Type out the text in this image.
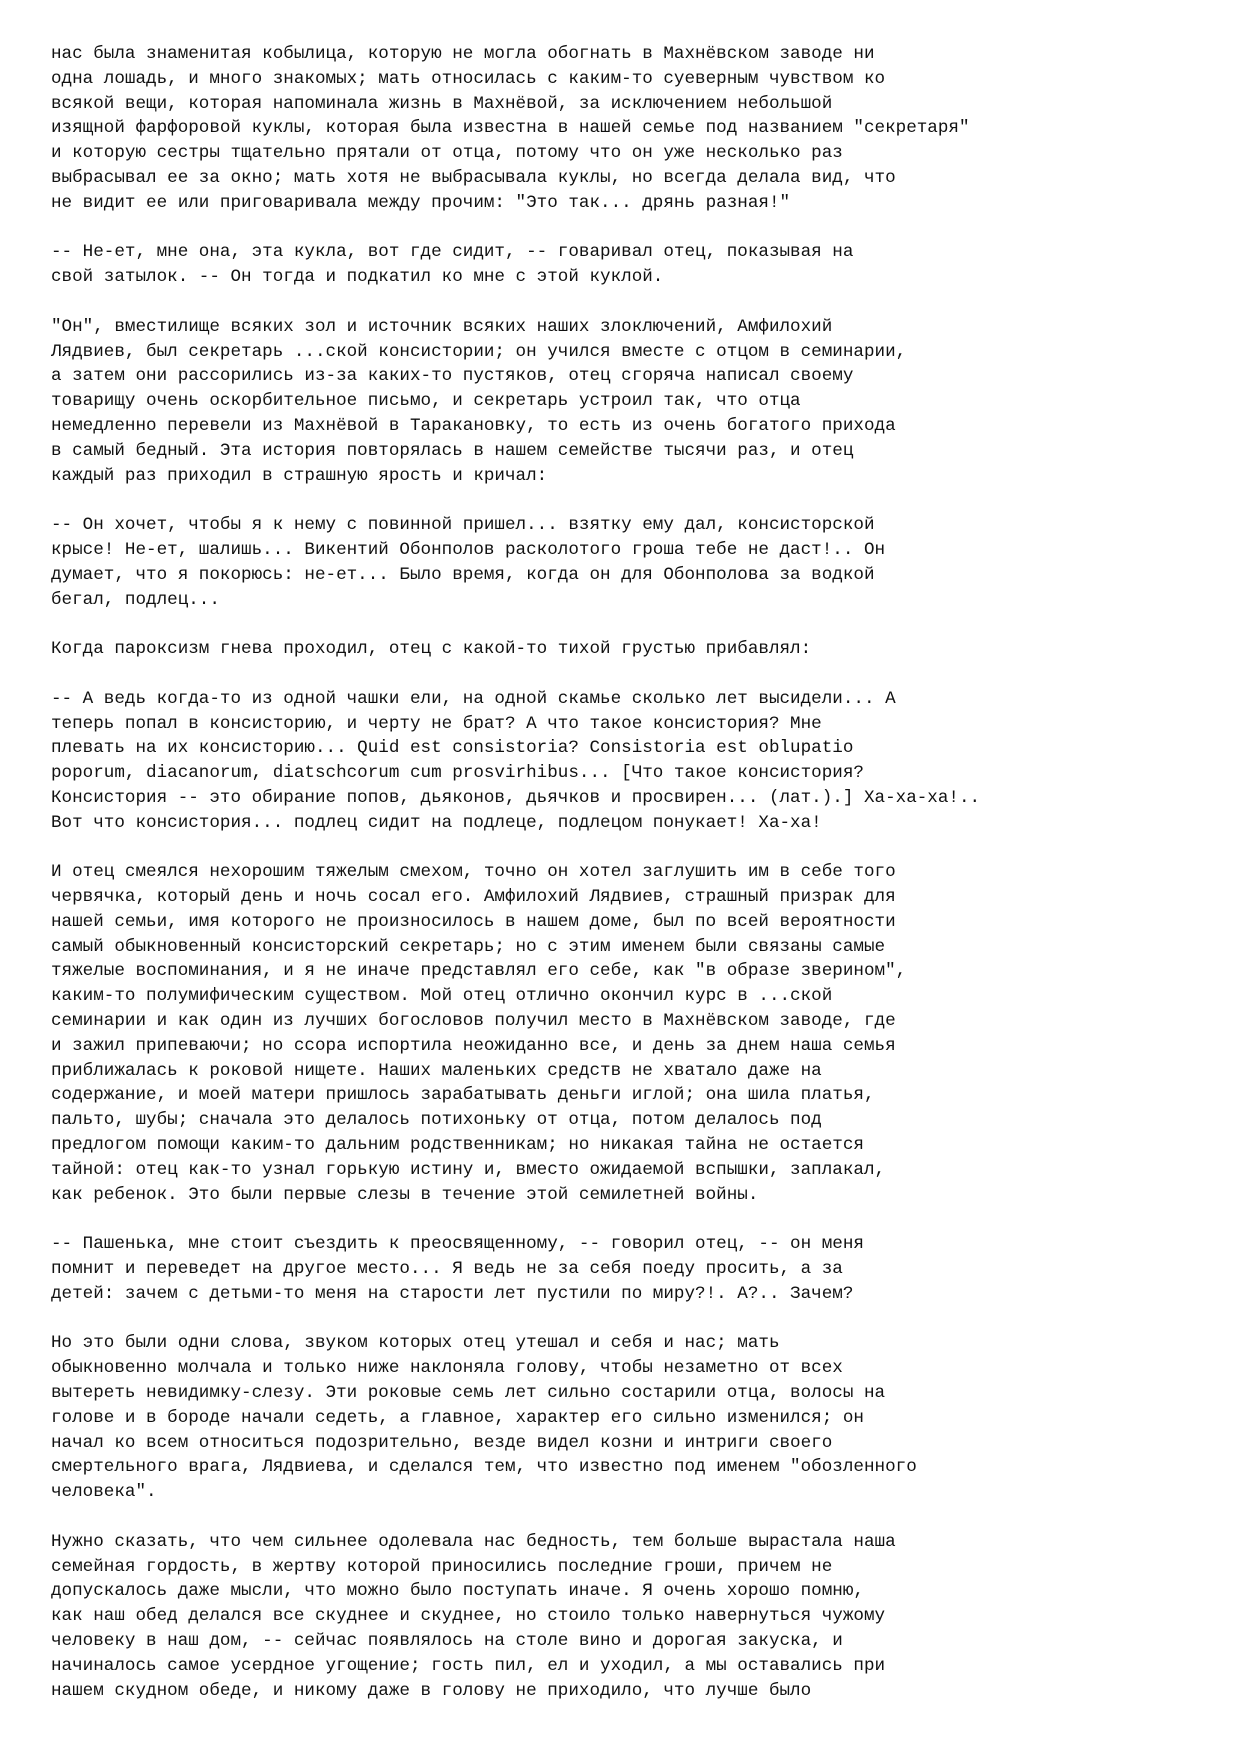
нас была знаменитая кобылица, которую не могла обогнать в Махнёвском заводе ни
одна лошадь, и много знакомых; мать относилась с каким-то суеверным чувством ко
всякой вещи, которая напоминала жизнь в Махнёвой, за исключением небольшой
изящной фарфоровой куклы, которая была известна в нашей семье под названием "секретаря"
и которую сестры тщательно прятали от отца, потому что он уже несколько раз
выбрасывал ее за окно; мать хотя не выбрасывала куклы, но всегда делала вид, что
не видит ее или приговаривала между прочим: "Это так... дрянь разная!"

-- Не-ет, мне она, эта кукла, вот где сидит, -- говаривал отец, показывая на
свой затылок. -- Он тогда и подкатил ко мне с этой куклой.

"Он", вместилище всяких зол и источник всяких наших злоключений, Амфилохий
Лядвиев, был секретарь ...ской консистории; он учился вместе с отцом в семинарии,
а затем они рассорились из-за каких-то пустяков, отец сгоряча написал своему
товарищу очень оскорбительное письмо, и секретарь устроил так, что отца
немедленно перевели из Махнёвой в Таракановку, то есть из очень богатого прихода
в самый бедный. Эта история повторялась в нашем семействе тысячи раз, и отец
каждый раз приходил в страшную ярость и кричал:

-- Он хочет, чтобы я к нему с повинной пришел... взятку ему дал, консисторской
крысе! Не-ет, шалишь... Викентий Обонполов расколотого гроша тебе не даст!.. Он
думает, что я покорюсь: не-ет... Было время, когда он для Обонполова за водкой
бегал, подлец...

Когда пароксизм гнева проходил, отец с какой-то тихой грустью прибавлял:

-- А ведь когда-то из одной чашки ели, на одной скамье сколько лет высидели... А
теперь попал в консисторию, и черту не брат? А что такое консистория? Мне
плевать на их консисторию... Quid est consistoria? Consistoria est oblupatio
poporum, diacanorum, diatschcorum cum prosvirhibus... [Что такое консистория?
Консистория -- это обирание попов, дьяконов, дьячков и просвирен... (лат.).] Ха-ха-ха!..
Вот что консистория... подлец сидит на подлеце, подлецом понукает! Ха-ха!

И отец смеялся нехорошим тяжелым смехом, точно он хотел заглушить им в себе того
червячка, который день и ночь сосал его. Амфилохий Лядвиев, страшный призрак для
нашей семьи, имя которого не произносилось в нашем доме, был по всей вероятности
самый обыкновенный консисторский секретарь; но с этим именем были связаны самые
тяжелые воспоминания, и я не иначе представлял его себе, как "в образе зверином",
каким-то полумифическим существом. Мой отец отлично окончил курс в ...ской
семинарии и как один из лучших богословов получил место в Махнёвском заводе, где
и зажил припеваючи; но ссора испортила неожиданно все, и день за днем наша семья
приближалась к роковой нищете. Наших маленьких средств не хватало даже на
содержание, и моей матери пришлось зарабатывать деньги иглой; она шила платья,
пальто, шубы; сначала это делалось потихоньку от отца, потом делалось под
предлогом помощи каким-то дальним родственникам; но никакая тайна не остается
тайной: отец как-то узнал горькую истину и, вместо ожидаемой вспышки, заплакал,
как ребенок. Это были первые слезы в течение этой семилетней войны.

-- Пашенька, мне стоит съездить к преосвященному, -- говорил отец, -- он меня
помнит и переведет на другое место... Я ведь не за себя поеду просить, а за
детей: зачем с детьми-то меня на старости лет пустили по миру?!. А?.. Зачем?

Но это были одни слова, звуком которых отец утешал и себя и нас; мать
обыкновенно молчала и только ниже наклоняла голову, чтобы незаметно от всех
вытереть невидимку-слезу. Эти роковые семь лет сильно состарили отца, волосы на
голове и в бороде начали седеть, а главное, характер его сильно изменился; он
начал ко всем относиться подозрительно, везде видел козни и интриги своего
смертельного врага, Лядвиева, и сделался тем, что известно под именем "обозленного
человека".

Нужно сказать, что чем сильнее одолевала нас бедность, тем больше вырастала наша
семейная гордость, в жертву которой приносились последние гроши, причем не
допускалось даже мысли, что можно было поступать иначе. Я очень хорошо помню,
как наш обед делался все скуднее и скуднее, но стоило только навернуться чужому
человеку в наш дом, -- сейчас появлялось на столе вино и дорогая закуска, и
начиналось самое усердное угощение; гость пил, ел и уходил, а мы оставались при
нашем скудном обеде, и никому даже в голову не приходило, что лучше было
